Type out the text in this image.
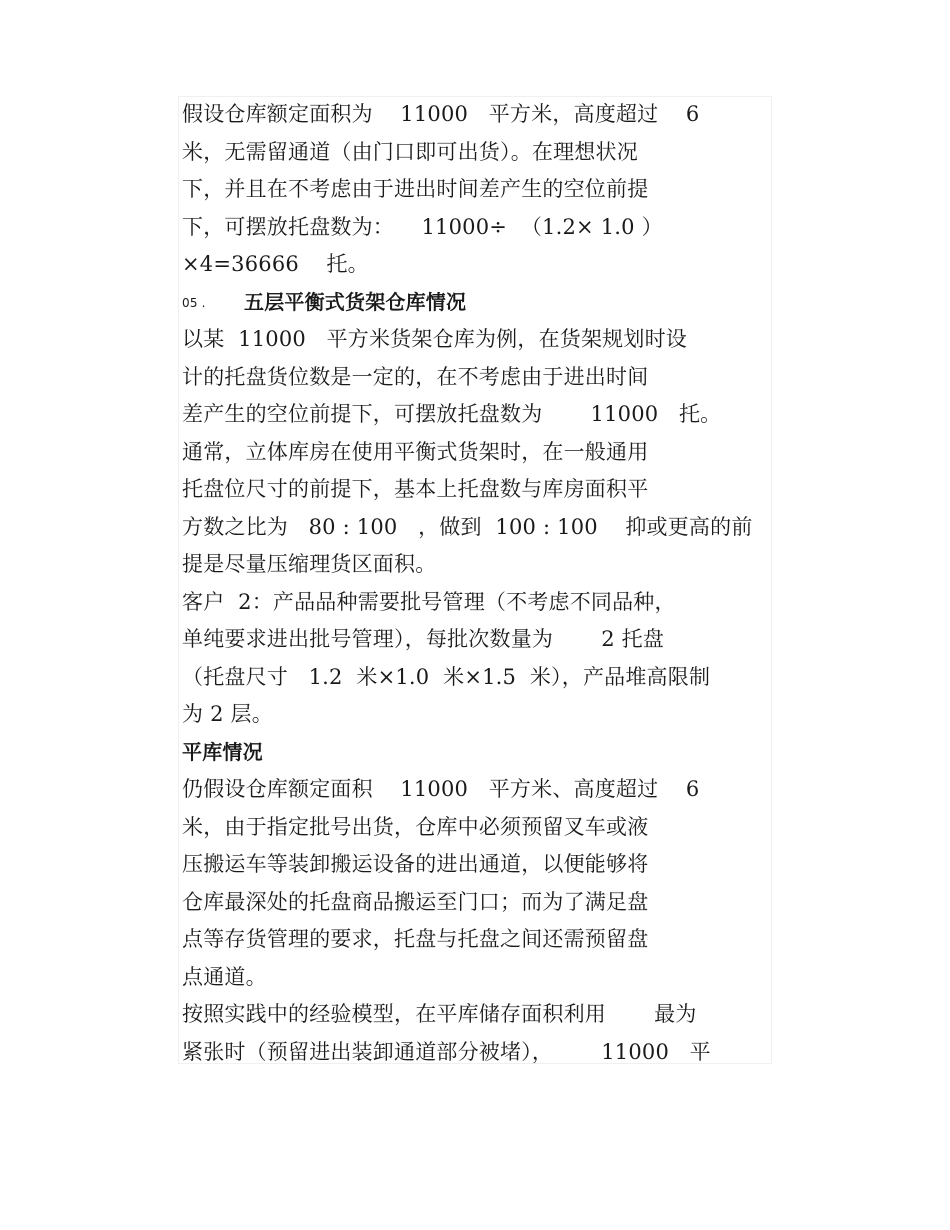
假设仓库额定面积为    11000   平方米，高度超过    6
米，无需留通道（由门口即可出货）。在理想状况
下，并且在不考虑由于进出时间差产生的空位前提
下，可摆放托盘数为：    11000÷  （1.2× 1.0 ）
×4=36666    托。
05 . 五层平衡式货架仓库情况
以某  11000   平方米货架仓库为例，在货架规划时设
计的托盘货位数是一定的，在不考虑由于进出时间
差产生的空位前提下，可摆放托盘数为       11000   托。
通常，立体库房在使用平衡式货架时，在一般通用
托盘位尺寸的前提下，基本上托盘数与库房面积平
方数之比为   80 : 100   ，做到  100 : 100    抑或更高的前
提是尽量压缩理货区面积。
客户  2：产品品种需要批号管理（不考虑不同品种，
单纯要求进出批号管理），每批次数量为       2 托盘
（托盘尺寸   1.2  米×1.0  米×1.5  米），产品堆高限制
为 2 层。
平库情况
仍假设仓库额定面积    11000   平方米、高度超过    6
米，由于指定批号出货，仓库中必须预留叉车或液
压搬运车等装卸搬运设备的进出通道，以便能够将
仓库最深处的托盘商品搬运至门口；而为了满足盘
点等存货管理的要求，托盘与托盘之间还需预留盘
点通道。
按照实践中的经验模型，在平库储存面积利用       最为
紧张时（预留进出装卸通道部分被堵），       11000   平
